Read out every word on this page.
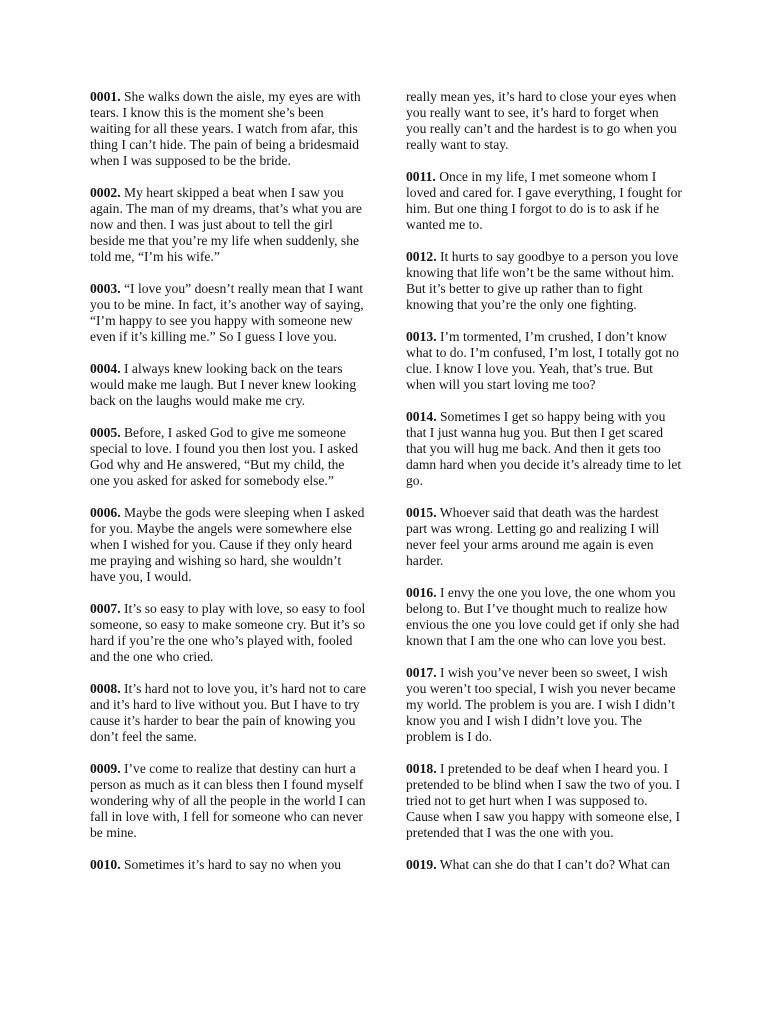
0001. She walks down the aisle, my eyes are with tears. I know this is the moment she’s been waiting for all these years. I watch from afar, this thing I can’t hide. The pain of being a bridesmaid when I was supposed to be the bride.

0002. My heart skipped a beat when I saw you again. The man of my dreams, that’s what you are now and then. I was just about to tell the girl beside me that you’re my life when suddenly, she told me, “I’m his wife.”

0003. “I love you” doesn’t really mean that I want you to be mine. In fact, it’s another way of saying, “I’m happy to see you happy with someone new even if it’s killing me.” So I guess I love you.

0004. I always knew looking back on the tears would make me laugh. But I never knew looking back on the laughs would make me cry.

0005. Before, I asked God to give me someone special to love. I found you then lost you. I asked God why and He answered, “But my child, the one you asked for asked for somebody else.”

0006. Maybe the gods were sleeping when I asked for you. Maybe the angels were somewhere else when I wished for you. Cause if they only heard me praying and wishing so hard, she wouldn’t have you, I would.

0007. It’s so easy to play with love, so easy to fool someone, so easy to make someone cry. But it’s so hard if you’re the one who’s played with, fooled and the one who cried.

0008. It’s hard not to love you, it’s hard not to care and it’s hard to live without you. But I have to try cause it’s harder to bear the pain of knowing you don’t feel the same.

0009. I’ve come to realize that destiny can hurt a person as much as it can bless then I found myself wondering why of all the people in the world I can fall in love with, I fell for someone who can never be mine.

0010. Sometimes it’s hard to say no when you

really mean yes, it’s hard to close your eyes when you really want to see, it’s hard to forget when you really can’t and the hardest is to go when you really want to stay.

0011. Once in my life, I met someone whom I loved and cared for. I gave everything, I fought for him. But one thing I forgot to do is to ask if he wanted me to.

0012. It hurts to say goodbye to a person you love knowing that life won’t be the same without him. But it’s better to give up rather than to fight knowing that you’re the only one fighting.

0013. I’m tormented, I’m crushed, I don’t know what to do. I’m confused, I’m lost, I totally got no clue. I know I love you. Yeah, that’s true. But when will you start loving me too?

0014. Sometimes I get so happy being with you that I just wanna hug you. But then I get scared that you will hug me back. And then it gets too damn hard when you decide it’s already time to let go.

0015. Whoever said that death was the hardest part was wrong. Letting go and realizing I will never feel your arms around me again is even harder.

0016. I envy the one you love, the one whom you belong to. But I’ve thought much to realize how envious the one you love could get if only she had known that I am the one who can love you best.

0017. I wish you’ve never been so sweet, I wish you weren’t too special, I wish you never became my world. The problem is you are. I wish I didn’t know you and I wish I didn’t love you. The problem is I do.

0018. I pretended to be deaf when I heard you. I pretended to be blind when I saw the two of you. I tried not to get hurt when I was supposed to. Cause when I saw you happy with someone else, I pretended that I was the one with you.

0019. What can she do that I can’t do? What can
